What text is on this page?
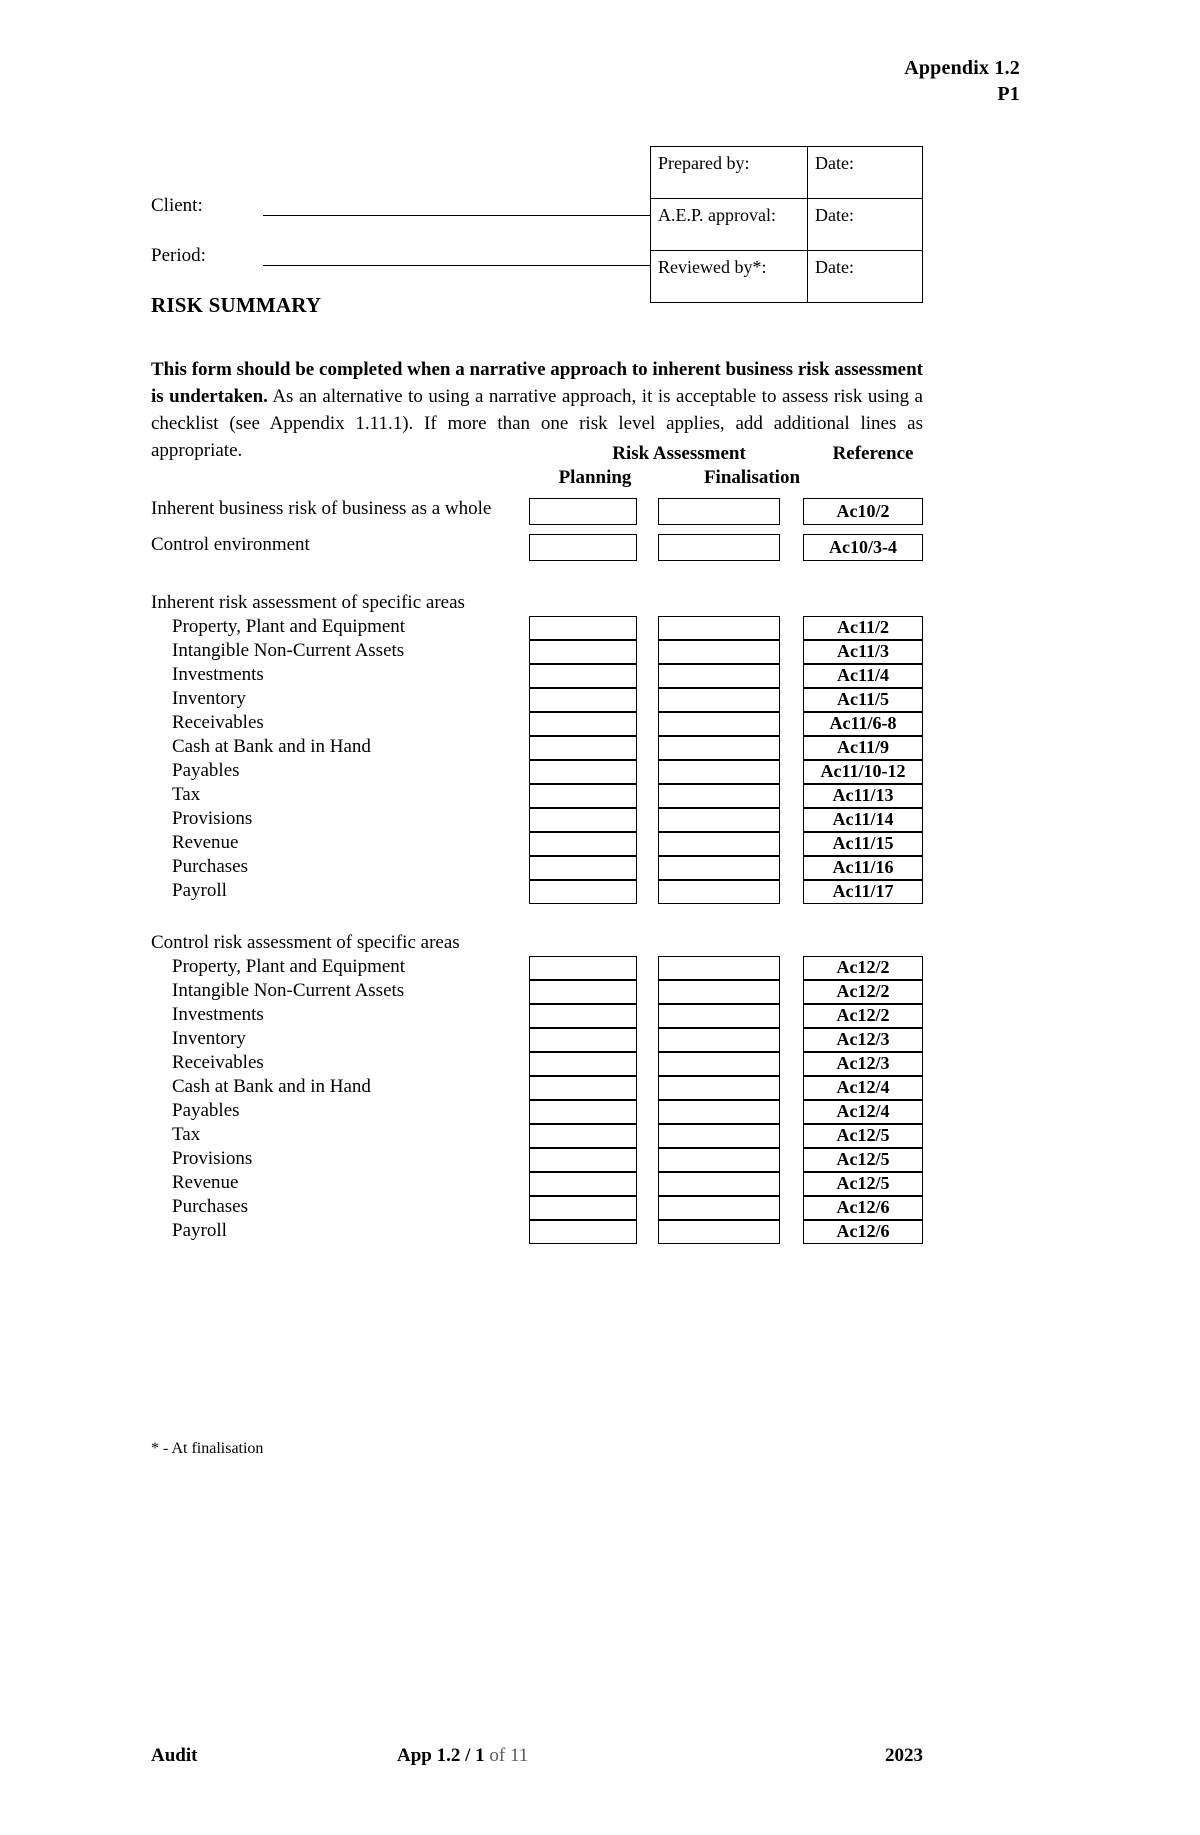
Appendix 1.2
P1
Client:
Period:
Prepared by:	Date:
A.E.P. approval:	Date:
Reviewed by*:	Date:
RISK SUMMARY

This form should be completed when a narrative approach to inherent business risk assessment is undertaken. As an alternative to using a narrative approach, it is acceptable to assess risk using a checklist (see Appendix 1.11.1). If more than one risk level applies, add additional lines as appropriate.	Risk Assessment	Reference
Planning	Finalisation
Inherent business risk of business as a whole	Ac10/2
Control environment	Ac10/3-4
Inherent risk assessment of specific areas
Property, Plant and Equipment	Ac11/2
Intangible Non-Current Assets	Ac11/3
Investments	Ac11/4
Inventory	Ac11/5
Receivables	Ac11/6-8
Cash at Bank and in Hand	Ac11/9
Payables	Ac11/10-12
Tax	Ac11/13
Provisions	Ac11/14
Revenue	Ac11/15
Purchases	Ac11/16
Payroll	Ac11/17
Control risk assessment of specific areas
Property, Plant and Equipment	Ac12/2
Intangible Non-Current Assets	Ac12/2
Investments	Ac12/2
Inventory	Ac12/3
Receivables	Ac12/3
Cash at Bank and in Hand	Ac12/4
Payables	Ac12/4
Tax	Ac12/5
Provisions	Ac12/5
Revenue	Ac12/5
Purchases	Ac12/6
Payroll	Ac12/6
* - At finalisation
Audit	App 1.2 / 1 of 11	2023
